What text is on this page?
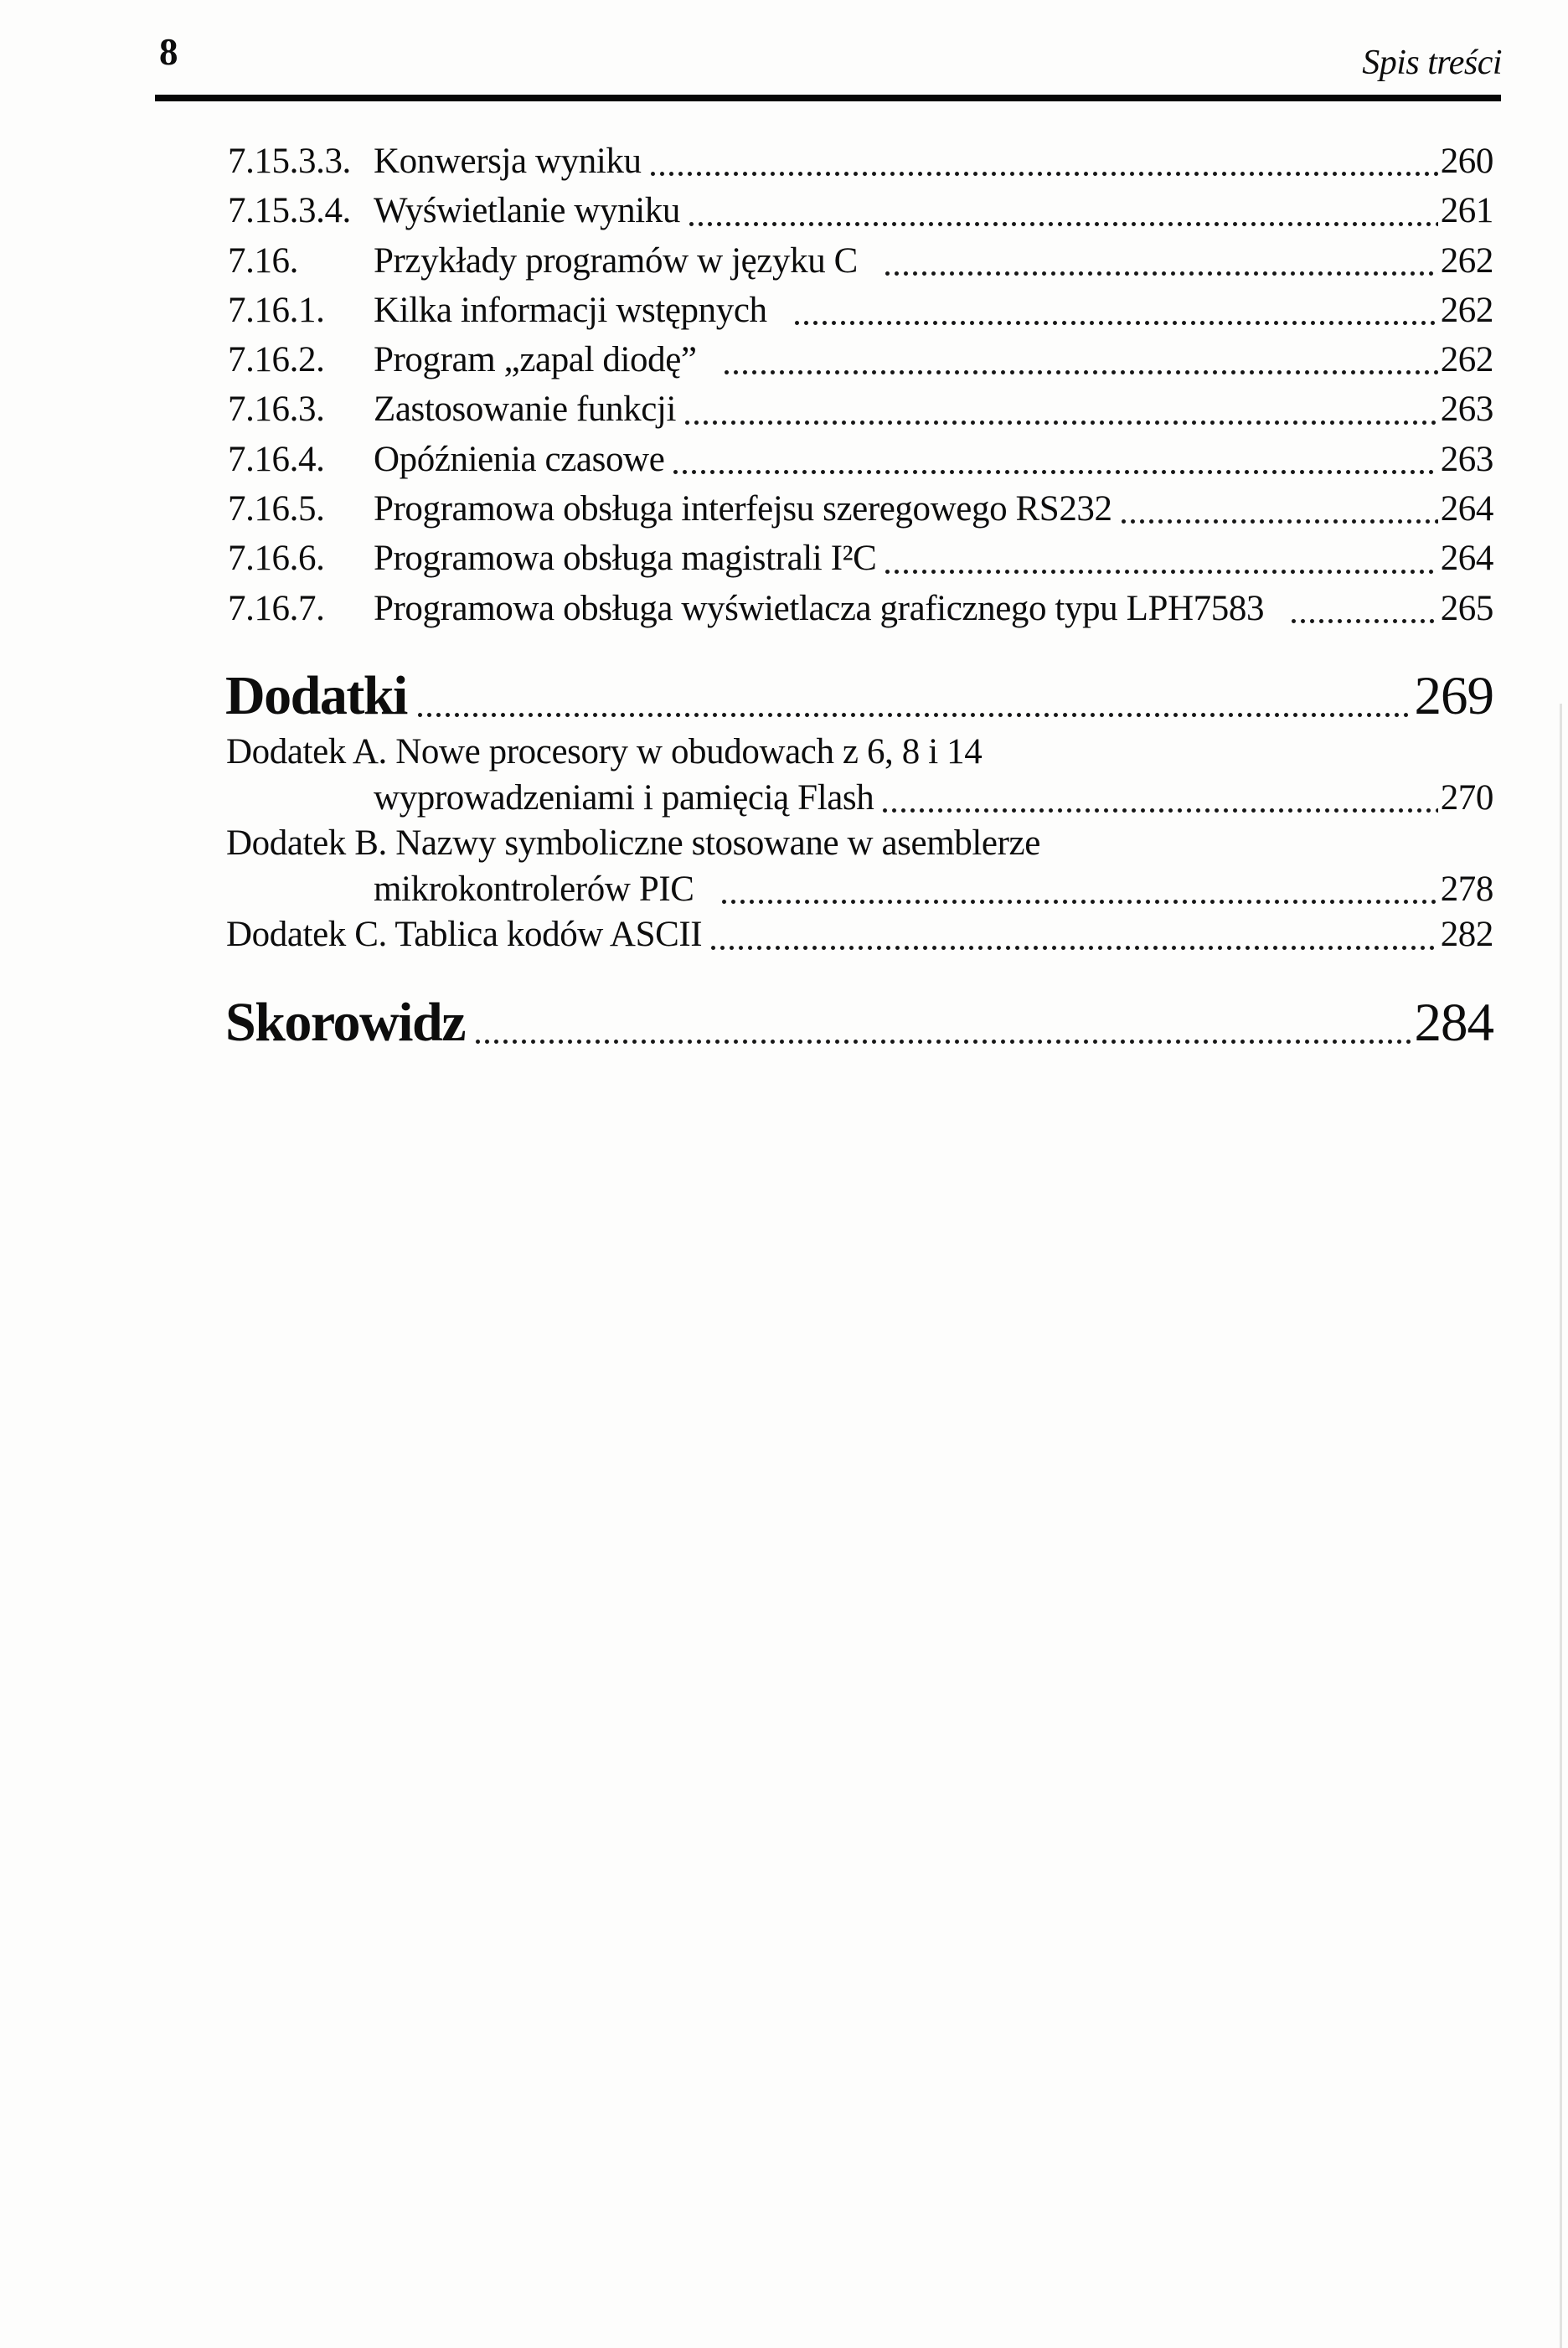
8	Spis treści
7.15.3.3. Konwersja wyniku	260
7.15.3.4. Wyświetlanie wyniku	261
7.16.	Przykłady programów w języku C	262
7.16.1.	Kilka informacji wstępnych	262
7.16.2.	Program „zapal diodę”	262
7.16.3.	Zastosowanie funkcji	263
7.16.4.	Opóźnienia czasowe	263
7.16.5.	Programowa obsługa interfejsu szeregowego RS232	264
7.16.6.	Programowa obsługa magistrali I²C	264
7.16.7.	Programowa obsługa wyświetlacza graficznego typu LPH7583	265
Dodatki	269
Dodatek A. Nowe procesory w obudowach z 6, 8 i 14
wyprowadzeniami i pamięcią Flash	270
Dodatek B. Nazwy symboliczne stosowane w asemblerze
mikrokontrolerów PIC	278
Dodatek C. Tablica kodów ASCII	282
Skorowidz	284
